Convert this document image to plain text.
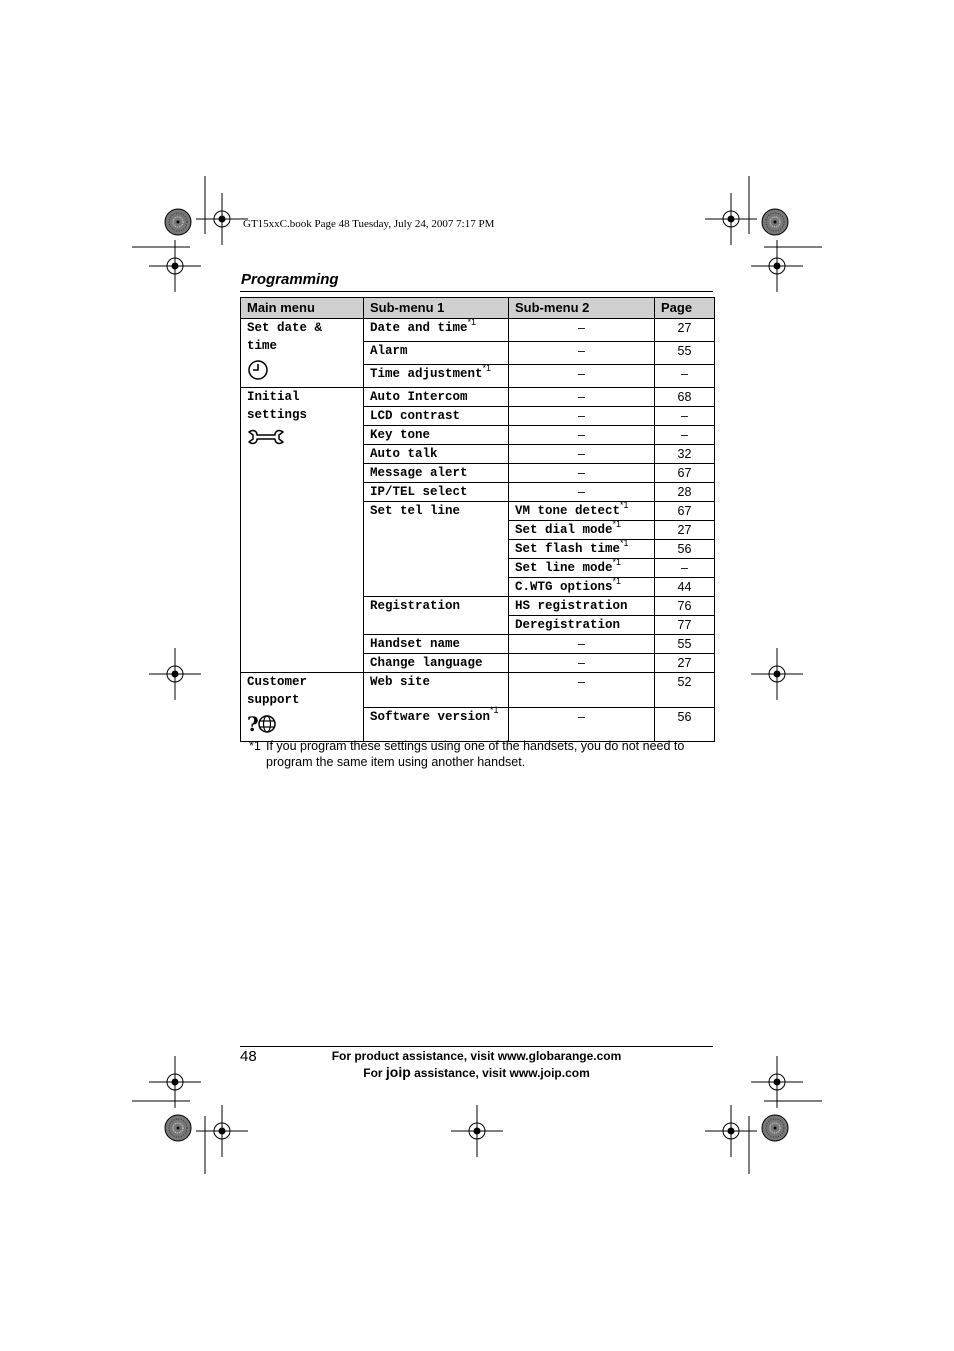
GT15xxC.book Page 48 Tuesday, July 24, 2007 7:17 PM
Programming
Main menu	Sub-menu 1	Sub-menu 2	Page

Set date & time	Date and time$^{*1}$	–	27
	Alarm	–	55
	Time adjustment$^{*1}$	–	–

Initial
settings	Auto Intercom	–	68
	LCD contrast	–	–
	Key tone	–	–
	Auto talk	–	32
	Message alert	–	67
	IP/TEL select	–	28
	Set tel line	VM tone detect$^{*1}$	67
		Set dial mode$^{*1}$	27
		Set flash time$^{*1}$	56
		Set line mode$^{*1}$	–
		C.WTG options$^{*1}$	44
	Registration	HS registration	76
		Deregistration	77
	Handset name	–	55
	Change language	–	27

Customer
support
?	Web site	–	52
	Software version$^{*1}$	–	56
*1 If you program these settings using one of the handsets, you do not need to program the same item using another handset.
48	For product assistance, visit www.globarange.com
For joip assistance, visit www.joip.com
